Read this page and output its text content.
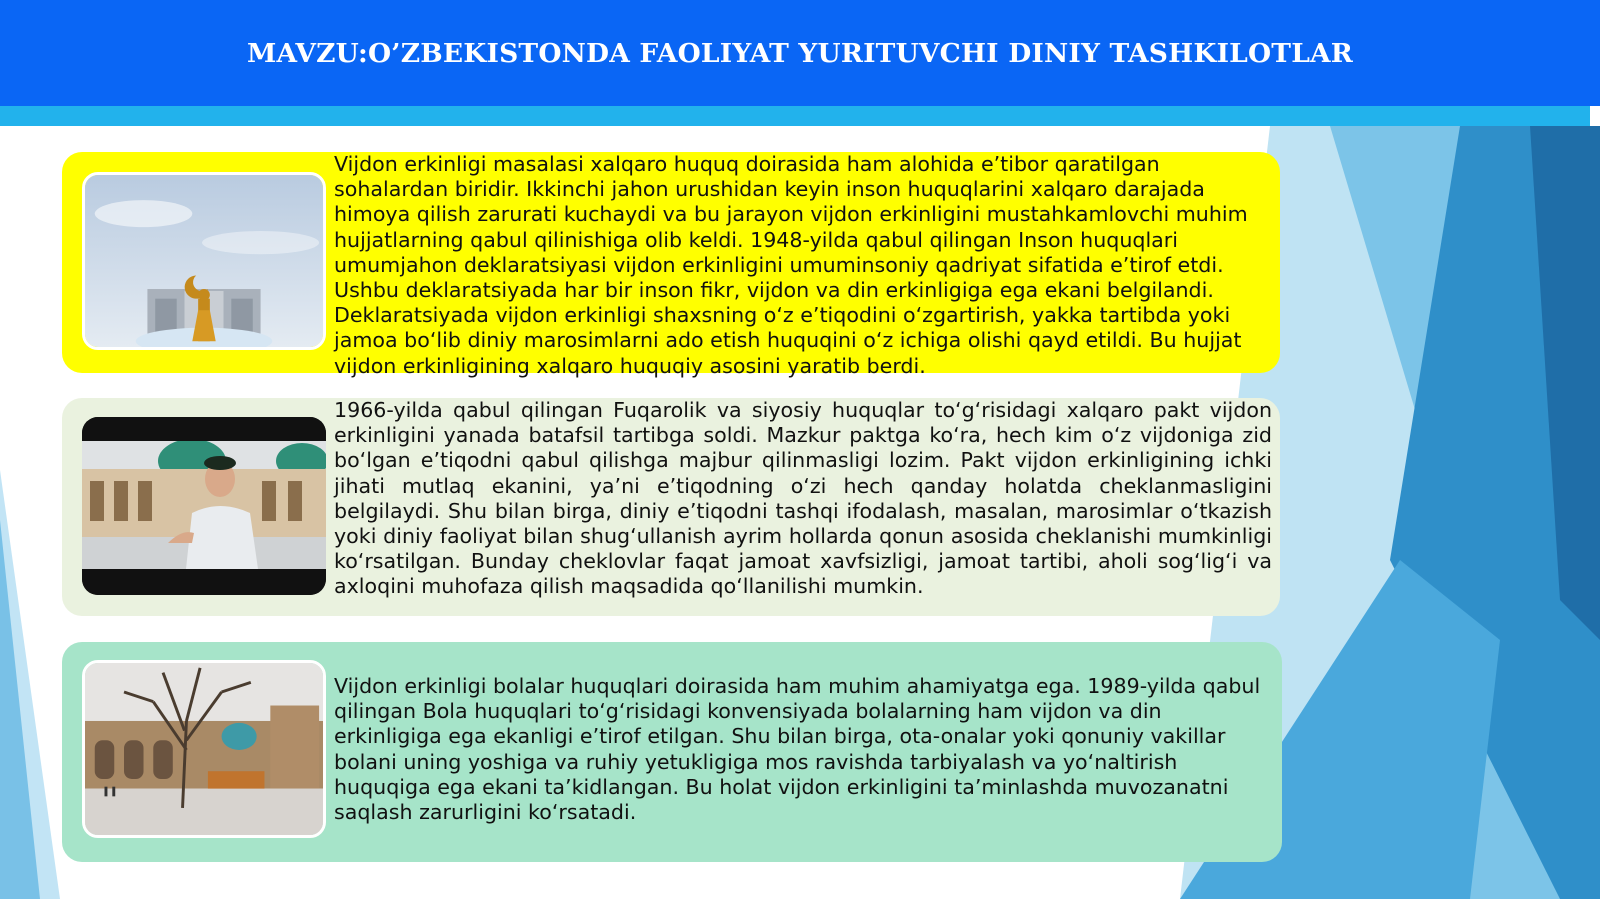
MAVZU:O’ZBEKISTONDA FAOLIYAT YURITUVCHI DINIY TASHKILOTLAR

Vijdon erkinligi masalasi xalqaro huquq doirasida ham alohida e’tibor qaratilgan sohalardan biridir. Ikkinchi jahon urushidan keyin inson huquqlarini xalqaro darajada himoya qilish zarurati kuchaydi va bu jarayon vijdon erkinligini mustahkamlovchi muhim hujjatlarning qabul qilinishiga olib keldi. 1948-yilda qabul qilingan Inson huquqlari umumjahon deklaratsiyasi vijdon erkinligini umuminsoniy qadriyat sifatida e’tirof etdi. Ushbu deklaratsiyada har bir inson fikr, vijdon va din erkinligiga ega ekani belgilandi. Deklaratsiyada vijdon erkinligi shaxsning o‘z e’tiqodini o‘zgartirish, yakka tartibda yoki jamoa bo‘lib diniy marosimlarni ado etish huquqini o‘z ichiga olishi qayd etildi. Bu hujjat vijdon erkinligining xalqaro huquqiy asosini yaratib berdi.

1966-yilda qabul qilingan Fuqarolik va siyosiy huquqlar to‘g‘risidagi xalqaro pakt vijdon erkinligini yanada batafsil tartibga soldi. Mazkur paktga ko‘ra, hech kim o‘z vijdoniga zid bo‘lgan e’tiqodni qabul qilishga majbur qilinmasligi lozim. Pakt vijdon erkinligining ichki jihati mutlaq ekanini, ya’ni e’tiqodning o‘zi hech qanday holatda cheklanmasligini belgilaydi. Shu bilan birga, diniy e’tiqodni tashqi ifodalash, masalan, marosimlar o‘tkazish yoki diniy faoliyat bilan shug‘ullanish ayrim hollarda qonun asosida cheklanishi mumkinligi ko‘rsatilgan. Bunday cheklovlar faqat jamoat xavfsizligi, jamoat tartibi, aholi sog‘lig‘i va axloqini muhofaza qilish maqsadida qo‘llanilishi mumkin.

Vijdon erkinligi bolalar huquqlari doirasida ham muhim ahamiyatga ega. 1989-yilda qabul qilingan Bola huquqlari to‘g‘risidagi konvensiyada bolalarning ham vijdon va din erkinligiga ega ekanligi e’tirof etilgan. Shu bilan birga, ota-onalar yoki qonuniy vakillar bolani uning yoshiga va ruhiy yetukligiga mos ravishda tarbiyalash va yo‘naltirish huquqiga ega ekani ta’kidlangan. Bu holat vijdon erkinligini ta’minlashda muvozanatni saqlash zarurligini ko‘rsatadi.
